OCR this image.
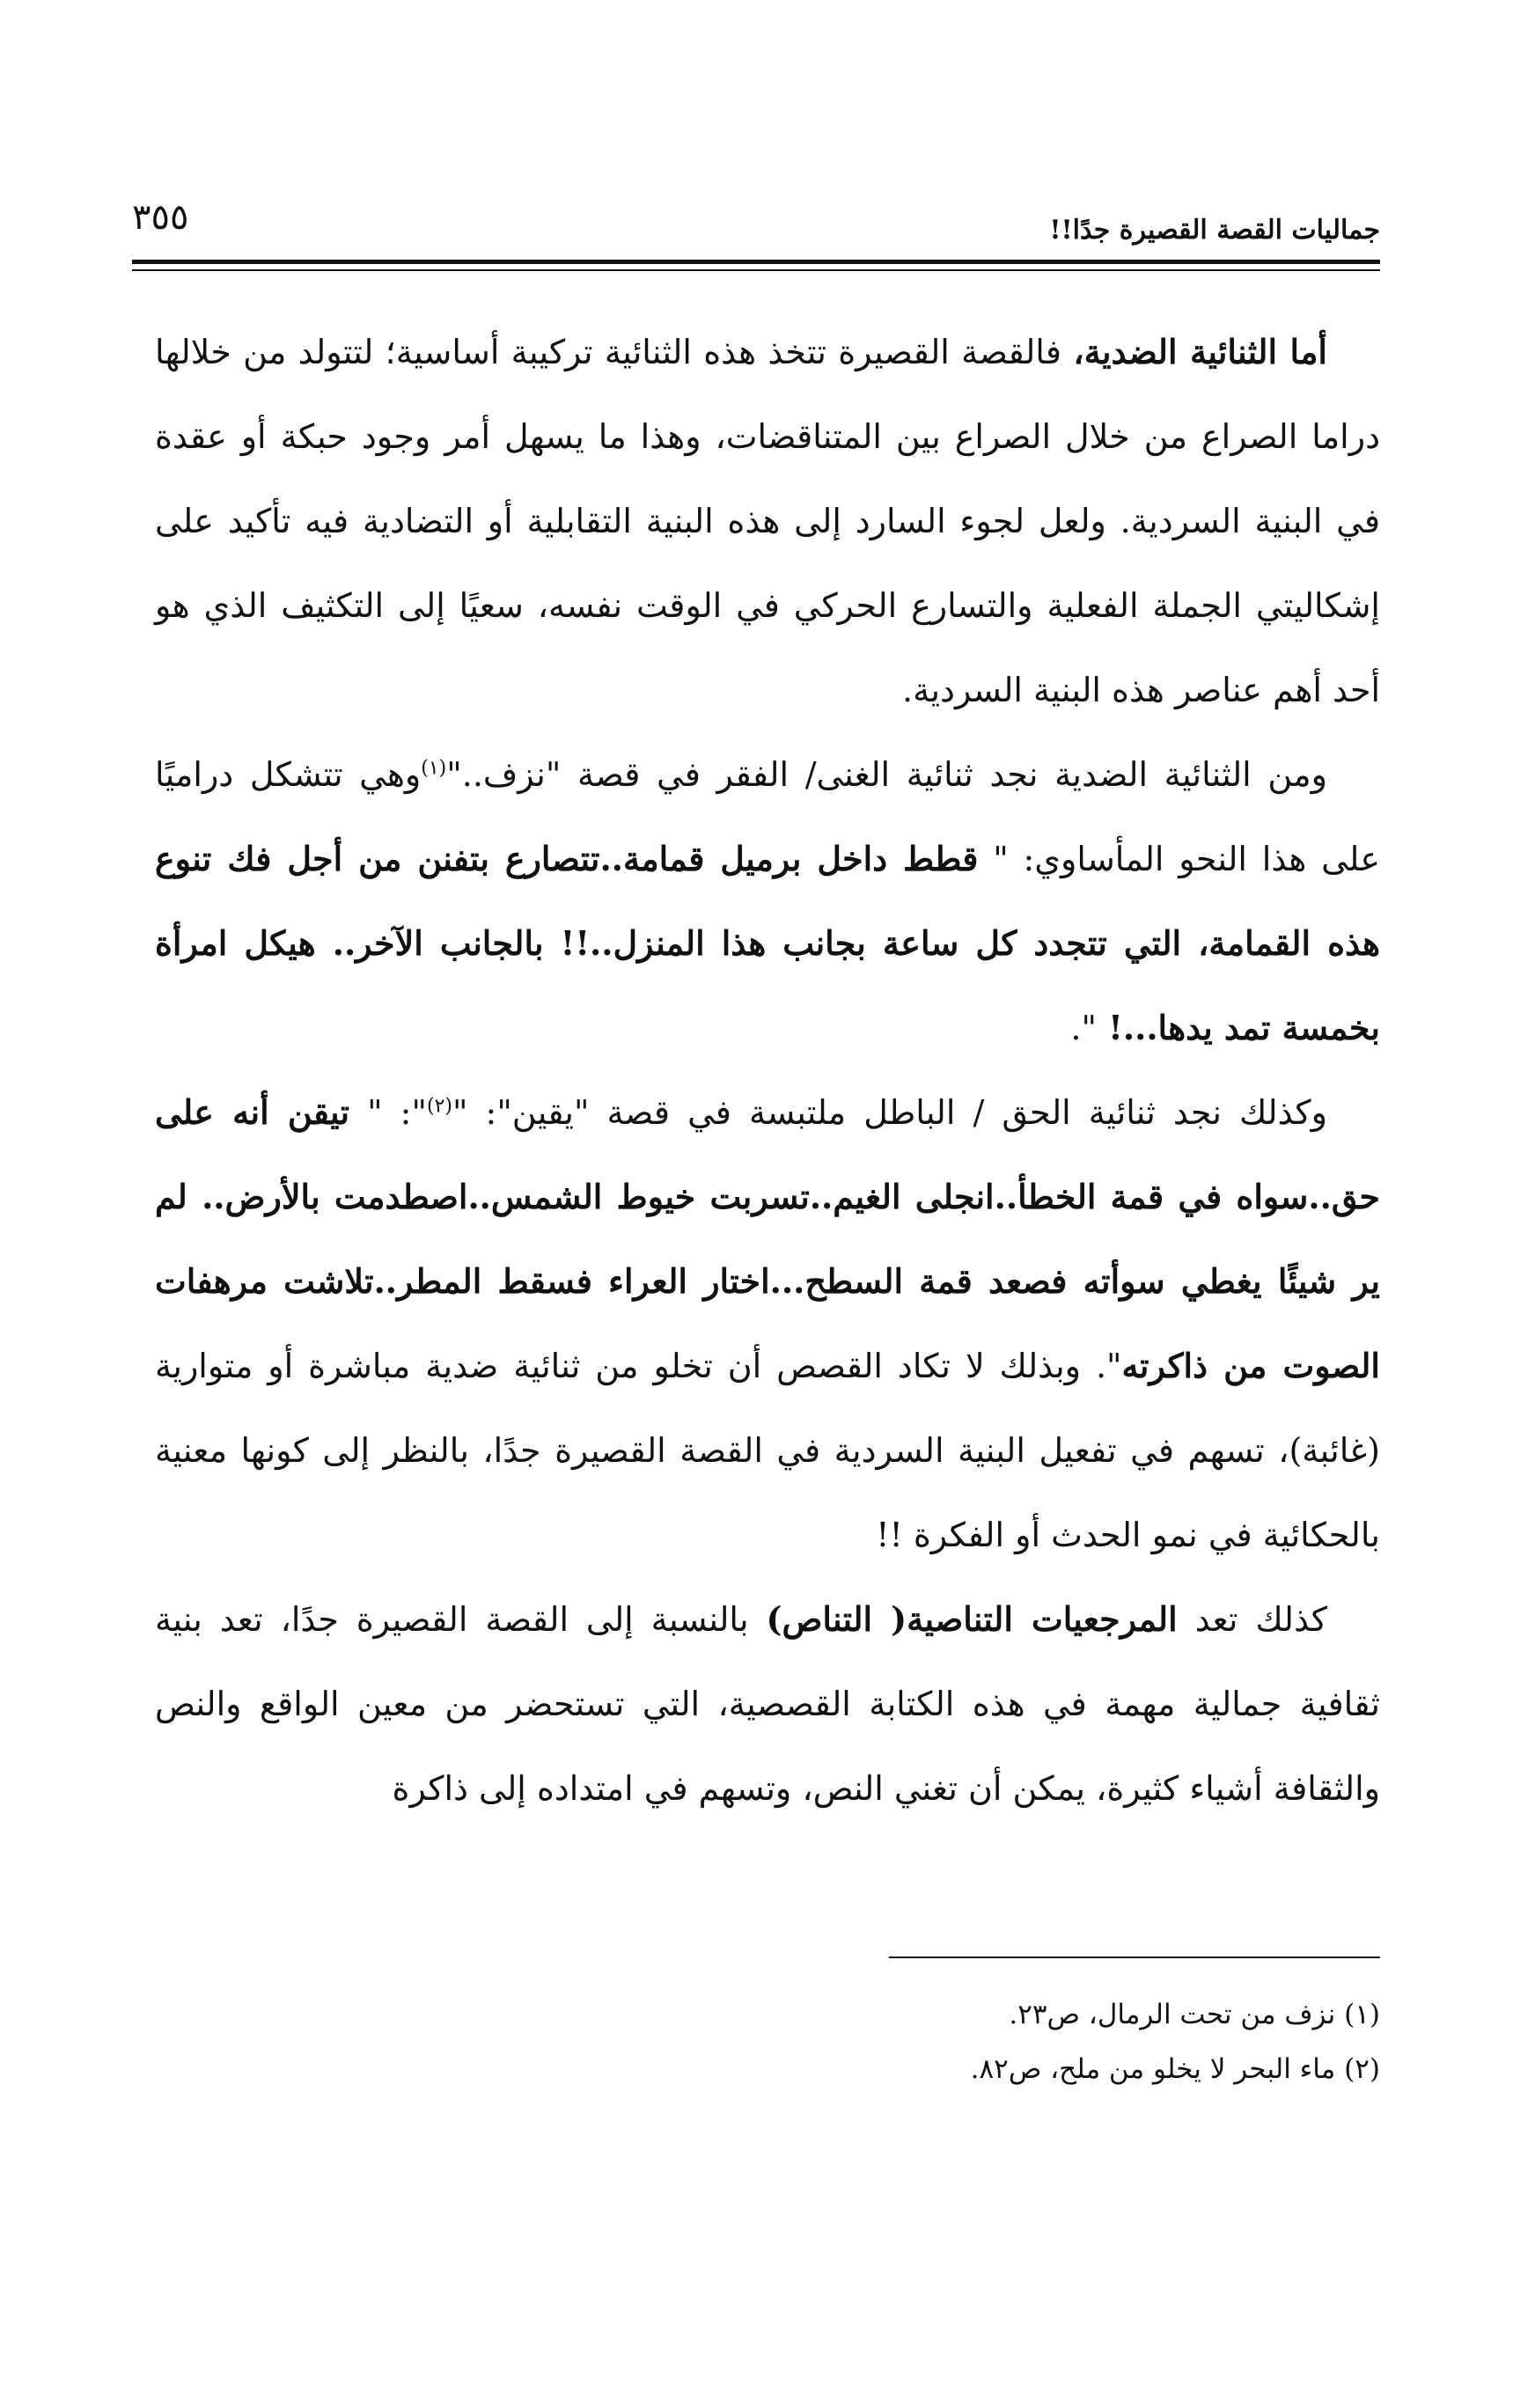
٣٥٥	جماليات القصة القصيرة جدًا!!

أما الثنائية الضدية، فالقصة القصيرة تتخذ هذه الثنائية تركيبة أساسية؛ لتتولد من خلالها دراما الصراع من خلال الصراع بين المتناقضات، وهذا ما يسهل أمر وجود حبكة أو عقدة في البنية السردية. ولعل لجوء السارد إلى هذه البنية التقابلية أو التضادية فيه تأكيد على إشكاليتي الجملة الفعلية والتسارع الحركي في الوقت نفسه، سعيًا إلى التكثيف الذي هو أحد أهم عناصر هذه البنية السردية.

ومن الثنائية الضدية نجد ثنائية الغنى/ الفقر في قصة "نزف.."$^{(١)}$وهي تتشكل دراميًا على هذا النحو المأساوي: " قطط داخل برميل قمامة..تتصارع بتفنن من أجل فك تنوع هذه القمامة، التي تتجدد كل ساعة بجانب هذا المنزل..!! بالجانب الآخر.. هيكل امرأة بخمسة تمد يدها...! ".

وكذلك نجد ثنائية الحق / الباطل ملتبسة في قصة "يقين": "$^{(٢)}$": " تيقن أنه على حق..سواه في قمة الخطأ..انجلى الغيم..تسربت خيوط الشمس..اصطدمت بالأرض.. لم ير شيئًا يغطي سوأته فصعد قمة السطح...اختار العراء فسقط المطر..تلاشت مرهفات الصوت من ذاكرته". وبذلك لا تكاد القصص أن تخلو من ثنائية ضدية مباشرة أو متوارية (غائبة)، تسهم في تفعيل البنية السردية في القصة القصيرة جدًا، بالنظر إلى كونها معنية بالحكائية في نمو الحدث أو الفكرة !!

كذلك تعد المرجعيات التناصية( التناص) بالنسبة إلى القصة القصيرة جدًا، تعد بنية ثقافية جمالية مهمة في هذه الكتابة القصصية، التي تستحضر من معين الواقع والنص والثقافة أشياء كثيرة، يمكن أن تغني النص، وتسهم في امتداده إلى ذاكرة

(١) نزف من تحت الرمال، ص٢٣.
(٢) ماء البحر لا يخلو من ملح، ص٨٢.
